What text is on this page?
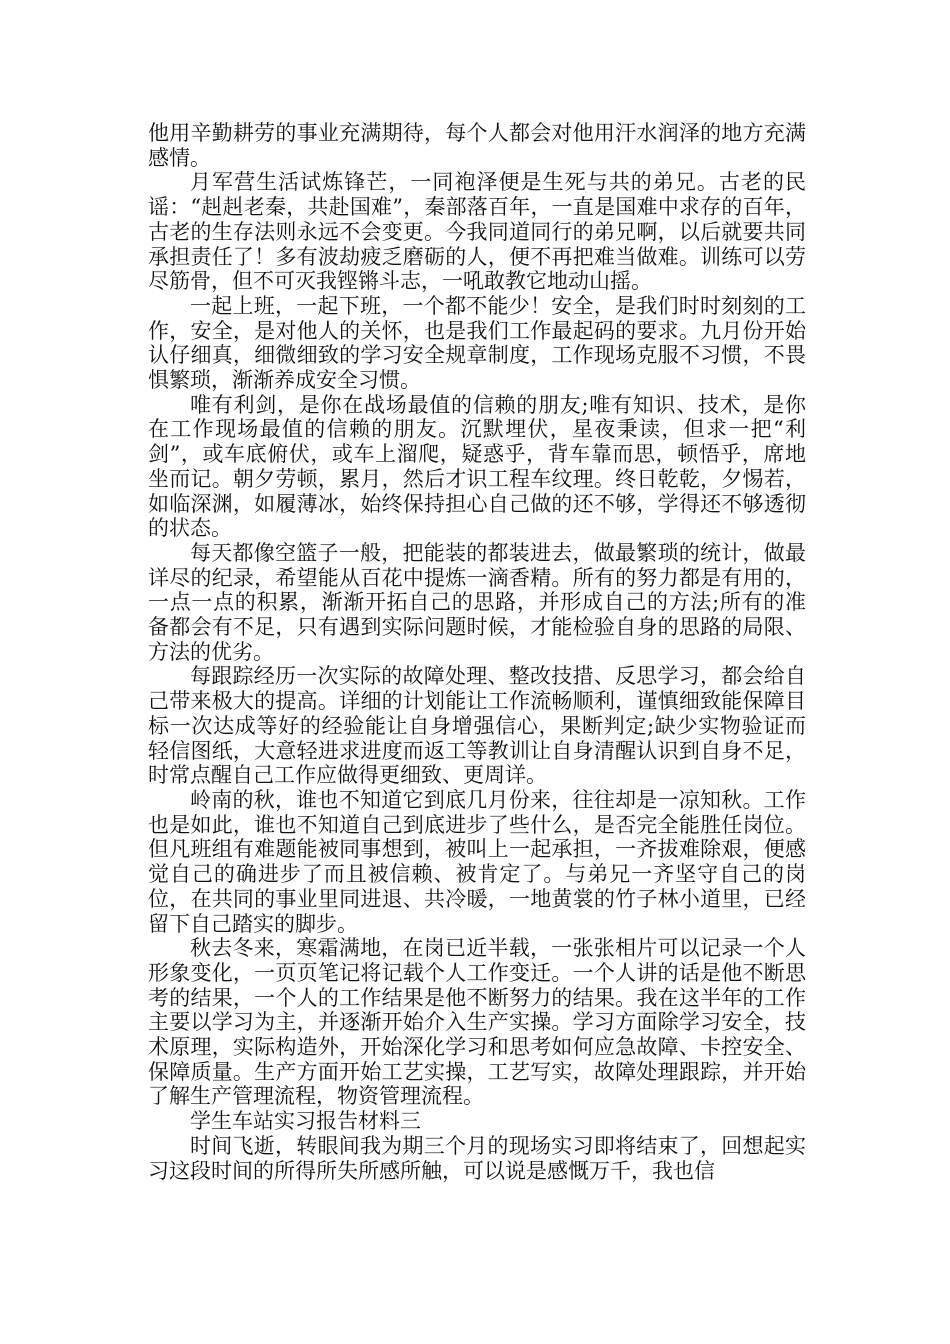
他用辛勤耕劳的事业充满期待，每个人都会对他用汗水润泽的地方充满感情。

月军营生活试炼锋芒，一同袍泽便是生死与共的弟兄。古老的民谣：“赳赳老秦，共赴国难”，秦部落百年，一直是国难中求存的百年，古老的生存法则永远不会变更。今我同道同行的弟兄啊，以后就要共同承担责任了！多有波劫疲乏磨砺的人，便不再把难当做难。训练可以劳尽筋骨，但不可灭我铿锵斗志，一吼敢教它地动山摇。

一起上班，一起下班，一个都不能少！安全，是我们时时刻刻的工作，安全，是对他人的关怀，也是我们工作最起码的要求。九月份开始认仔细真，细微细致的学习安全规章制度，工作现场克服不习惯，不畏惧繁琐，渐渐养成安全习惯。

唯有利剑，是你在战场最值的信赖的朋友;唯有知识、技术，是你在工作现场最值的信赖的朋友。沉默埋伏，星夜秉读，但求一把“利剑”，或车底俯伏，或车上溜爬，疑惑乎，背车靠而思，顿悟乎，席地坐而记。朝夕劳顿，累月，然后才识工程车纹理。终日乾乾，夕惕若，如临深渊，如履薄冰，始终保持担心自己做的还不够，学得还不够透彻的状态。

每天都像空篮子一般，把能装的都装进去，做最繁琐的统计，做最详尽的纪录，希望能从百花中提炼一滴香精。所有的努力都是有用的，一点一点的积累，渐渐开拓自己的思路，并形成自己的方法;所有的准备都会有不足，只有遇到实际问题时候，才能检验自身的思路的局限、方法的优劣。

每跟踪经历一次实际的故障处理、整改技措、反思学习，都会给自己带来极大的提高。详细的计划能让工作流畅顺利，谨慎细致能保障目标一次达成等好的经验能让自身增强信心，果断判定;缺少实物验证而轻信图纸，大意轻进求进度而返工等教训让自身清醒认识到自身不足，时常点醒自己工作应做得更细致、更周详。

岭南的秋，谁也不知道它到底几月份来，往往却是一凉知秋。工作也是如此，谁也不知道自己到底进步了些什么，是否完全能胜任岗位。但凡班组有难题能被同事想到，被叫上一起承担，一齐拔难除艰，便感觉自己的确进步了而且被信赖、被肯定了。与弟兄一齐坚守自己的岗位，在共同的事业里同进退、共冷暖，一地黄裳的竹子林小道里，已经留下自己踏实的脚步。

秋去冬来，寒霜满地，在岗已近半载，一张张相片可以记录一个人形象变化，一页页笔记将记载个人工作变迁。一个人讲的话是他不断思考的结果，一个人的工作结果是他不断努力的结果。我在这半年的工作主要以学习为主，并逐渐开始介入生产实操。学习方面除学习安全，技术原理，实际构造外，开始深化学习和思考如何应急故障、卡控安全、保障质量。生产方面开始工艺实操，工艺写实，故障处理跟踪，并开始了解生产管理流程，物资管理流程。

学生车站实习报告材料三

时间飞逝，转眼间我为期三个月的现场实习即将结束了，回想起实习这段时间的所得所失所感所触，可以说是感慨万千，我也信
